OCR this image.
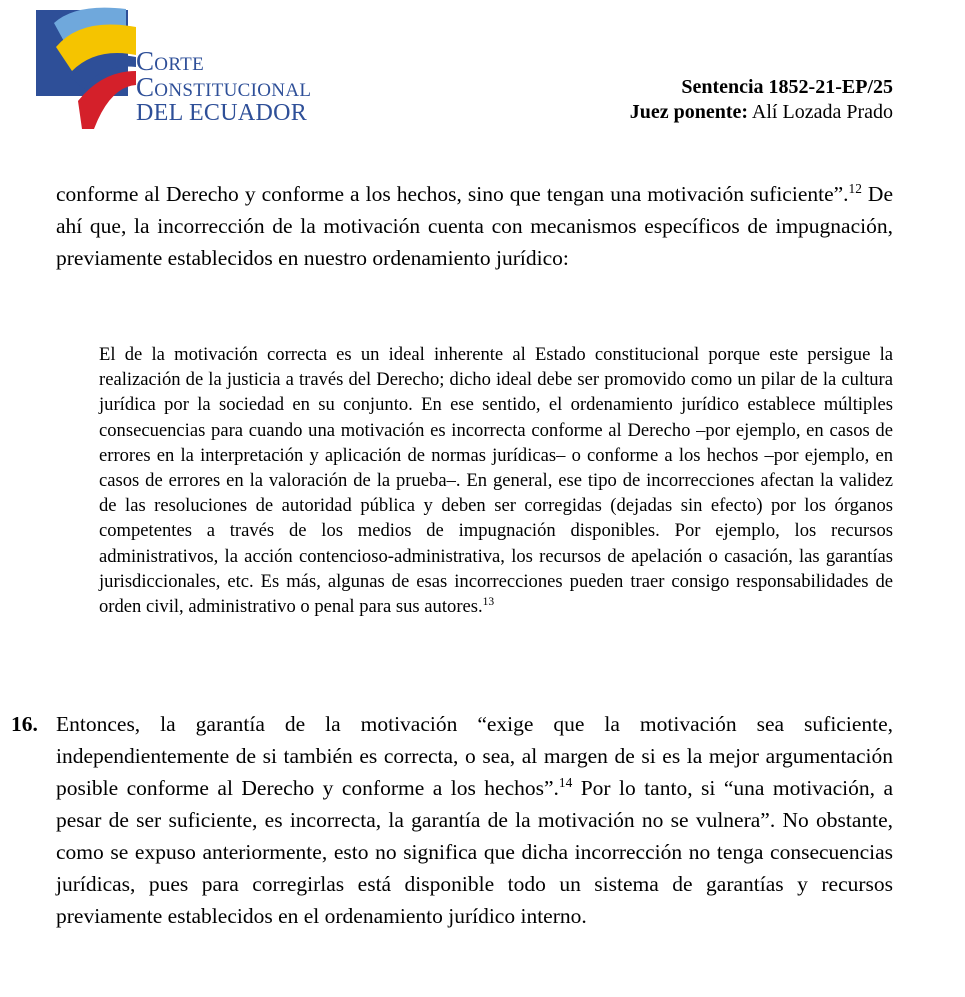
Corte
Constitucional
DEL ECUADOR
Sentencia 1852-21-EP/25
Juez ponente: Alí Lozada Prado

conforme al Derecho y conforme a los hechos, sino que tengan una motivación suficiente”.$^{12}$ De ahí que, la incorrección de la motivación cuenta con mecanismos específicos de impugnación, previamente establecidos en nuestro ordenamiento jurídico:

El de la motivación correcta es un ideal inherente al Estado constitucional porque este persigue la realización de la justicia a través del Derecho; dicho ideal debe ser promovido como un pilar de la cultura jurídica por la sociedad en su conjunto. En ese sentido, el ordenamiento jurídico establece múltiples consecuencias para cuando una motivación es incorrecta conforme al Derecho –por ejemplo, en casos de errores en la interpretación y aplicación de normas jurídicas– o conforme a los hechos –por ejemplo, en casos de errores en la valoración de la prueba–. En general, ese tipo de incorrecciones afectan la validez de las resoluciones de autoridad pública y deben ser corregidas (dejadas sin efecto) por los órganos competentes a través de los medios de impugnación disponibles. Por ejemplo, los recursos administrativos, la acción contencioso-administrativa, los recursos de apelación o casación, las garantías jurisdiccionales, etc. Es más, algunas de esas incorrecciones pueden traer consigo responsabilidades de orden civil, administrativo o penal para sus autores.$^{13}$

16. Entonces, la garantía de la motivación “exige que la motivación sea suficiente, independientemente de si también es correcta, o sea, al margen de si es la mejor argumentación posible conforme al Derecho y conforme a los hechos”.$^{14}$ Por lo tanto, si “una motivación, a pesar de ser suficiente, es incorrecta, la garantía de la motivación no se vulnera”. No obstante, como se expuso anteriormente, esto no significa que dicha incorrección no tenga consecuencias jurídicas, pues para corregirlas está disponible todo un sistema de garantías y recursos previamente establecidos en el ordenamiento jurídico interno.
